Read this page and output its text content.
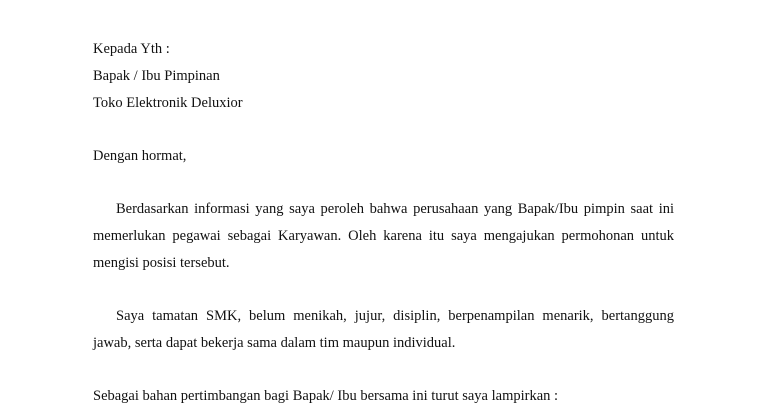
Kepada Yth :
Bapak / Ibu Pimpinan
Toko Elektronik Deluxior
Dengan hormat,

Berdasarkan informasi yang saya peroleh bahwa perusahaan yang Bapak/Ibu pimpin saat ini memerlukan pegawai sebagai Karyawan. Oleh karena itu saya mengajukan permohonan untuk mengisi posisi tersebut.

Saya tamatan SMK, belum menikah, jujur, disiplin, berpenampilan menarik, bertanggung jawab, serta dapat bekerja sama dalam tim maupun individual.

Sebagai bahan pertimbangan bagi Bapak/ Ibu bersama ini turut saya lampirkan :
